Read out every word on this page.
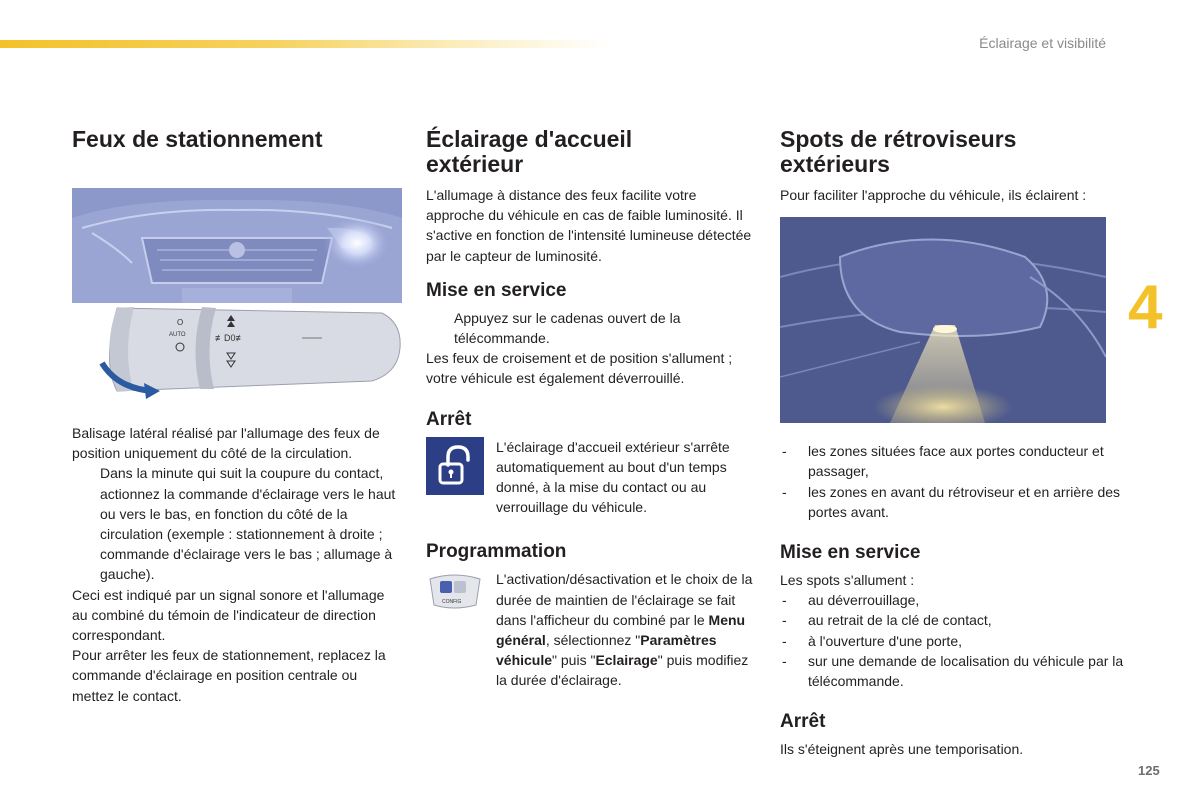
Éclairage et visibilité
4
125
Feux de stationnement
O
AUTO	≢D0≢

Balisage latéral réalisé par l'allumage des feux de position uniquement du côté de la circulation.

Dans la minute qui suit la coupure du contact, actionnez la commande d'éclairage vers le haut ou vers le bas, en fonction du côté de la circulation (exemple : stationnement à droite ; commande d'éclairage vers le bas ; allumage à gauche).

Ceci est indiqué par un signal sonore et l'allumage au combiné du témoin de l'indicateur de direction correspondant.

Pour arrêter les feux de stationnement, replacez la commande d'éclairage en position centrale ou mettez le contact.

Éclairage d'accueil extérieur

L'allumage à distance des feux facilite votre approche du véhicule en cas de faible luminosité. Il s'active en fonction de l'intensité lumineuse détectée par le capteur de luminosité.

Mise en service
Appuyez sur le cadenas ouvert de la télécommande.

Les feux de croisement et de position s'allument ; votre véhicule est également déverrouillé.

Arrêt
L'éclairage d'accueil extérieur s'arrête automatiquement au bout d'un temps donné, à la mise du contact ou au verrouillage du véhicule.
Programmation
CONFIG
L'activation/désactivation et le choix de la durée de maintien de l'éclairage se fait dans l'afficheur du combiné par le Menu général, sélectionnez "Paramètres véhicule" puis "Eclairage" puis modifiez la durée d'éclairage.
Spots de rétroviseurs extérieurs

Pour faciliter l'approche du véhicule, ils éclairent :

- les zones situées face aux portes conducteur et passager,
- les zones en avant du rétroviseur et en arrière des portes avant.
Mise en service

Les spots s'allument :

- au déverrouillage,
- au retrait de la clé de contact,
- à l'ouverture d'une porte,
- sur une demande de localisation du véhicule par la télécommande.
Arrêt

Ils s'éteignent après une temporisation.
